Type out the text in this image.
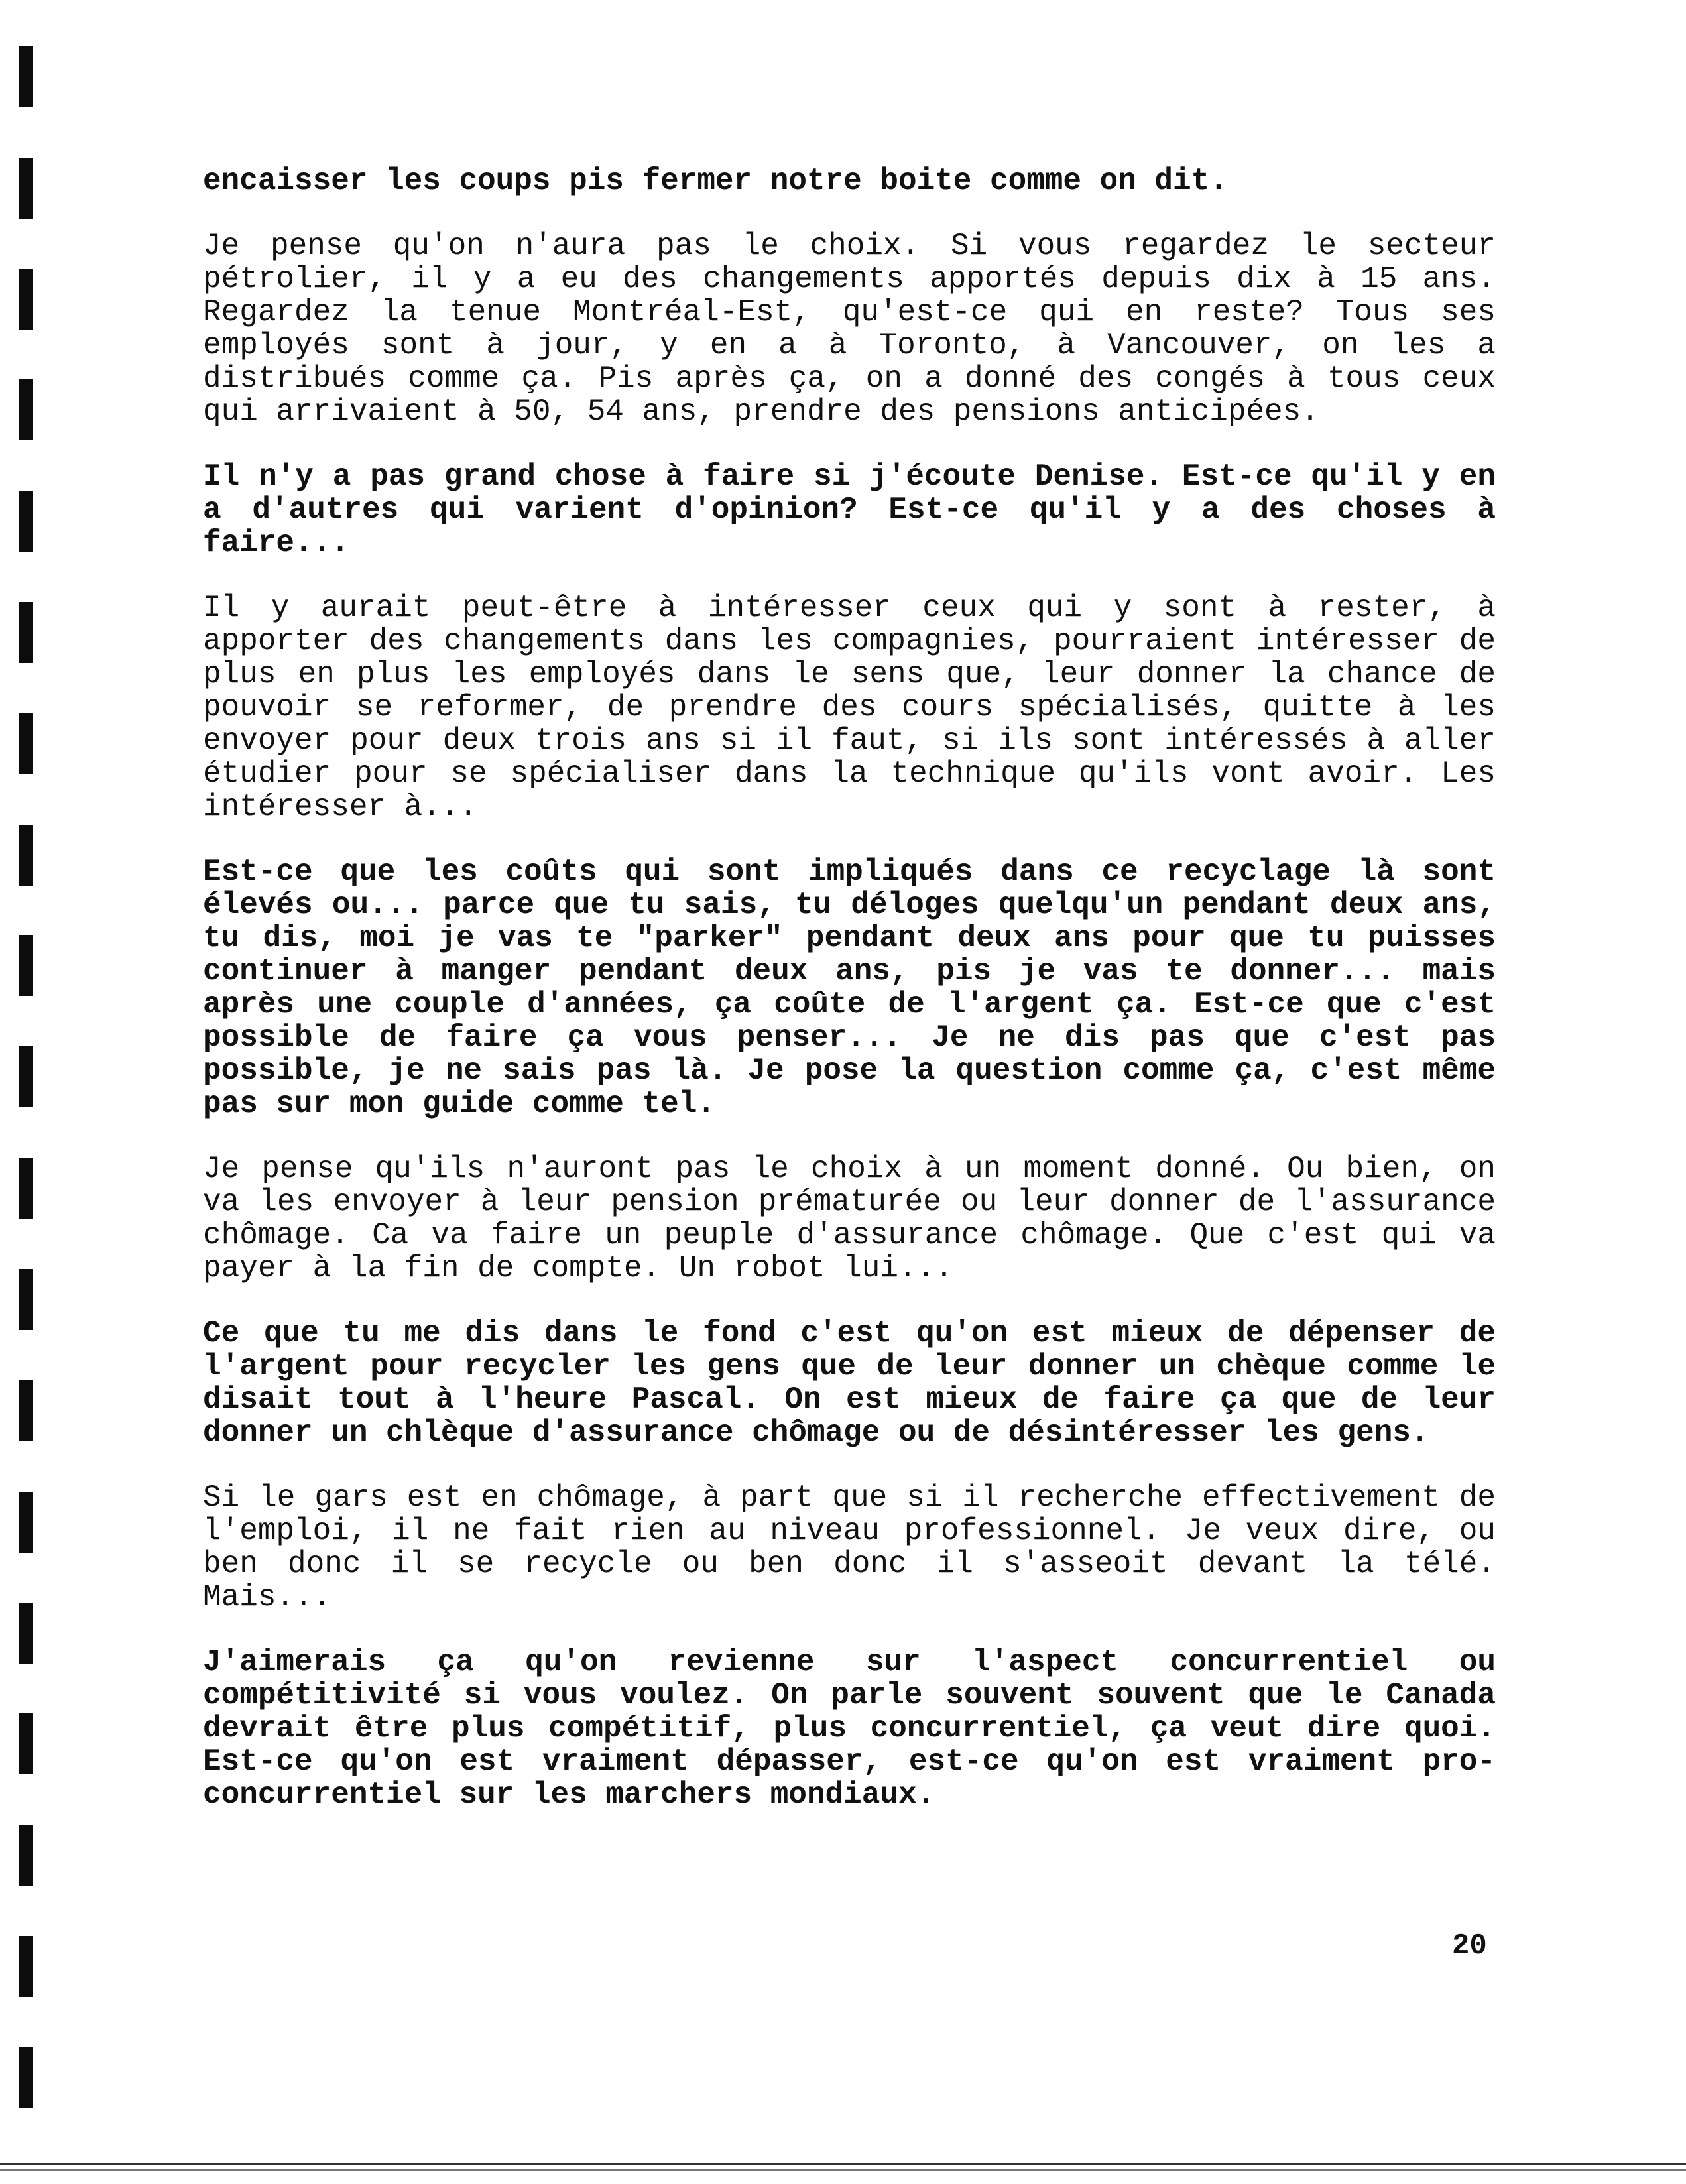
encaisser les coups pis fermer notre boite comme on dit.

Je pense qu'on n'aura pas le choix. Si vous regardez le secteur pétrolier, il y a eu des changements apportés depuis dix à 15 ans. Regardez la tenue Montréal-Est, qu'est-ce qui en reste? Tous ses employés sont à jour, y en a à Toronto, à Vancouver, on les a distribués comme ça. Pis après ça, on a donné des congés à tous ceux qui arrivaient à 50, 54 ans, prendre des pensions anticipées.

Il n'y a pas grand chose à faire si j'écoute Denise. Est-ce qu'il y en a d'autres qui varient d'opinion? Est-ce qu'il y a des choses à faire...

Il y aurait peut-être à intéresser ceux qui y sont à rester, à apporter des changements dans les compagnies, pourraient intéresser de plus en plus les employés dans le sens que, leur donner la chance de pouvoir se reformer, de prendre des cours spécialisés, quitte à les envoyer pour deux trois ans si il faut, si ils sont intéressés à aller étudier pour se spécialiser dans la technique qu'ils vont avoir. Les intéresser à...

Est-ce que les coûts qui sont impliqués dans ce recyclage là sont élevés ou... parce que tu sais, tu déloges quelqu'un pendant deux ans, tu dis, moi je vas te "parker" pendant deux ans pour que tu puisses continuer à manger pendant deux ans, pis je vas te donner... mais après une couple d'années, ça coûte de l'argent ça. Est-ce que c'est possible de faire ça vous penser... Je ne dis pas que c'est pas possible, je ne sais pas là. Je pose la question comme ça, c'est même pas sur mon guide comme tel.

Je pense qu'ils n'auront pas le choix à un moment donné. Ou bien, on va les envoyer à leur pension prématurée ou leur donner de l'assurance chômage. Ca va faire un peuple d'assurance chômage. Que c'est qui va payer à la fin de compte. Un robot lui...

Ce que tu me dis dans le fond c'est qu'on est mieux de dépenser de l'argent pour recycler les gens que de leur donner un chèque comme le disait tout à l'heure Pascal. On est mieux de faire ça que de leur donner un chlèque d'assurance chômage ou de désintéresser les gens.

Si le gars est en chômage, à part que si il recherche effectivement de l'emploi, il ne fait rien au niveau professionnel. Je veux dire, ou ben donc il se recycle ou ben donc il s'asseoit devant la télé. Mais...

J'aimerais ça qu'on revienne sur l'aspect concurrentiel ou compétitivité si vous voulez. On parle souvent souvent que le Canada devrait être plus compétitif, plus concurrentiel, ça veut dire quoi. Est-ce qu'on est vraiment dépasser, est-ce qu'on est vraiment pro-concurrentiel sur les marchers mondiaux.

20
